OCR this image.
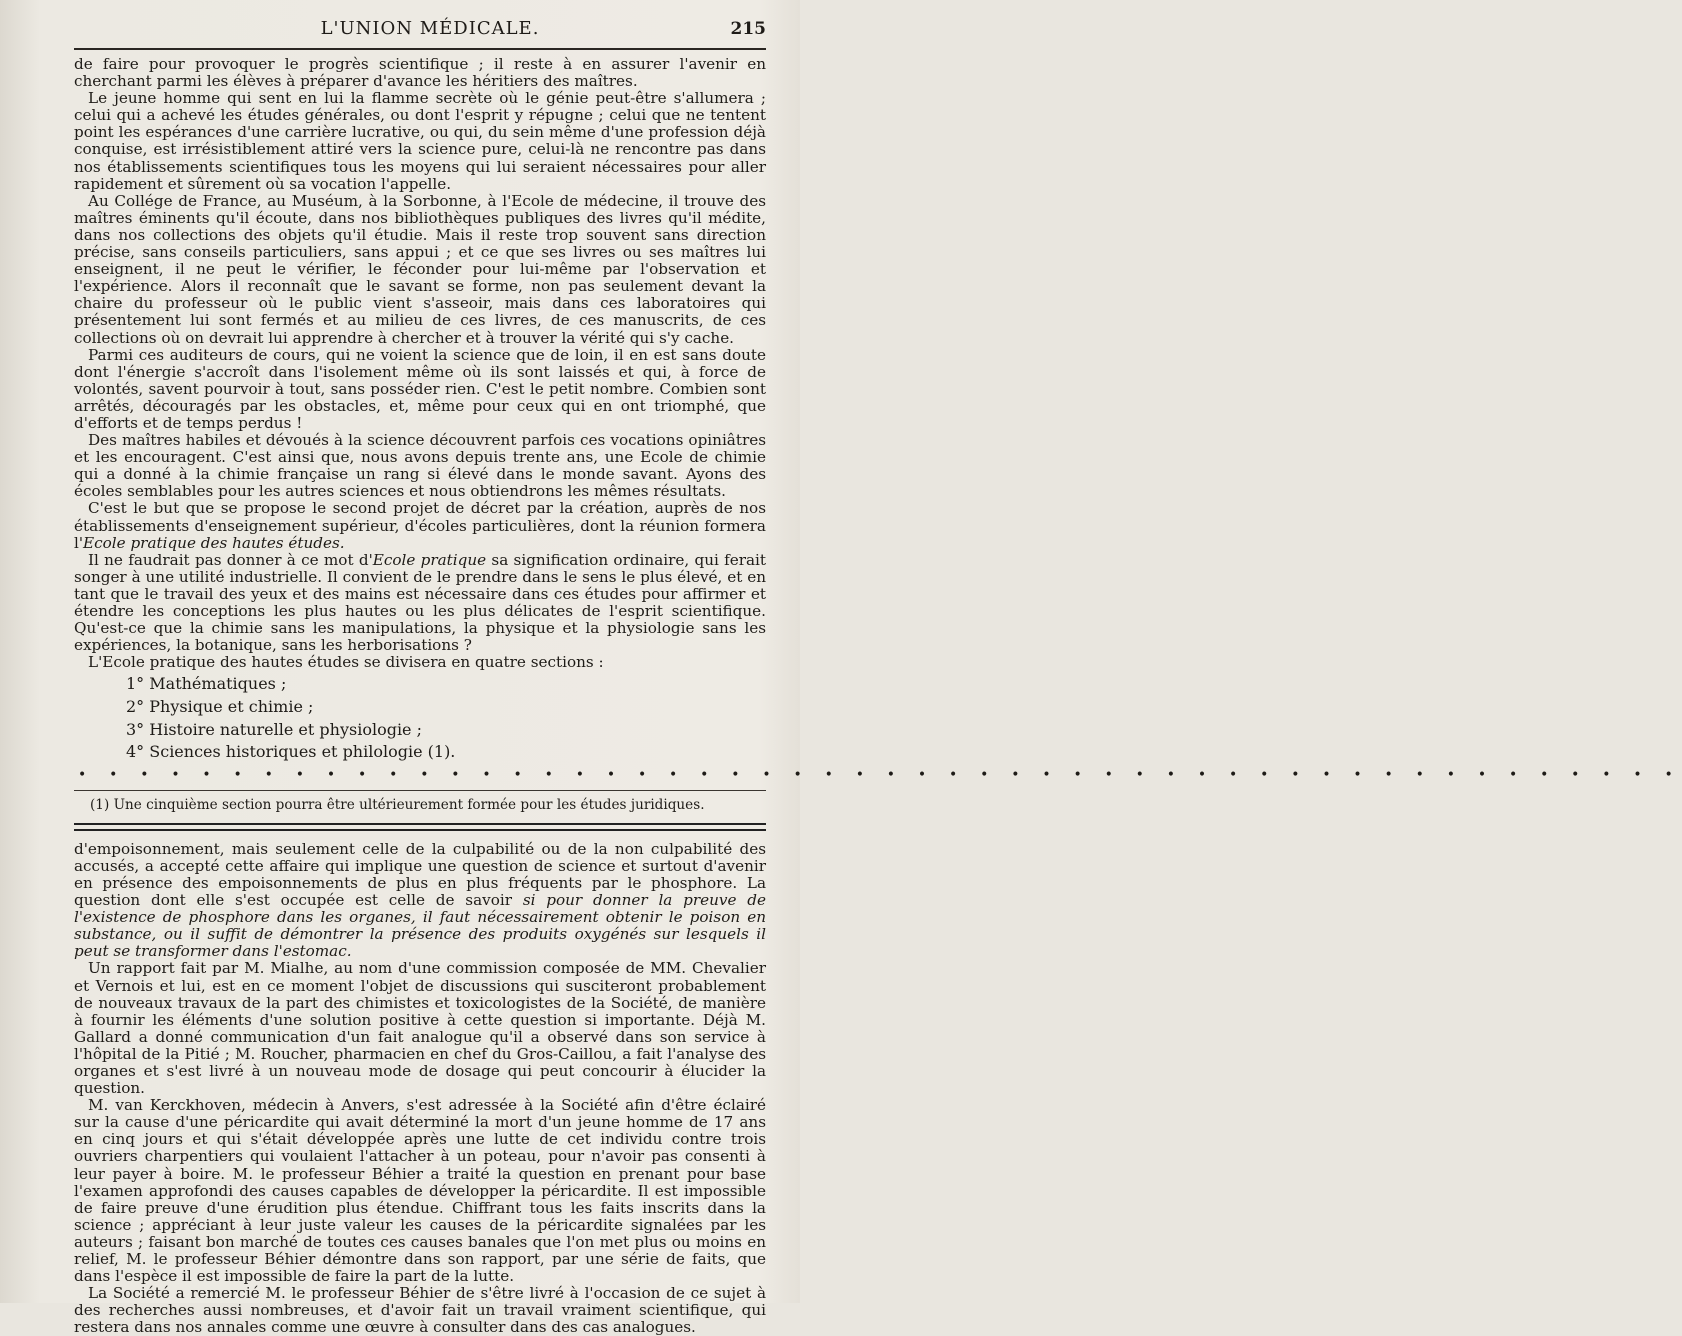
L'UNION MÉDICALE.	215

de faire pour provoquer le progrès scientifique ; il reste à en assurer l'avenir en cherchant parmi les élèves à préparer d'avance les héritiers des maîtres.

Le jeune homme qui sent en lui la flamme secrète où le génie peut-être s'allumera ; celui qui a achevé les études générales, ou dont l'esprit y répugne ; celui que ne tentent point les espérances d'une carrière lucrative, ou qui, du sein même d'une profession déjà conquise, est irrésistiblement attiré vers la science pure, celui-là ne rencontre pas dans nos établissements scientifiques tous les moyens qui lui seraient nécessaires pour aller rapidement et sûrement où sa vocation l'appelle.

Au Collége de France, au Muséum, à la Sorbonne, à l'Ecole de médecine, il trouve des maîtres éminents qu'il écoute, dans nos bibliothèques publiques des livres qu'il médite, dans nos collections des objets qu'il étudie. Mais il reste trop souvent sans direction précise, sans conseils particuliers, sans appui ; et ce que ses livres ou ses maîtres lui enseignent, il ne peut le vérifier, le féconder pour lui-même par l'observation et l'expérience. Alors il reconnaît que le savant se forme, non pas seulement devant la chaire du professeur où le public vient s'asseoir, mais dans ces laboratoires qui présentement lui sont fermés et au milieu de ces livres, de ces manuscrits, de ces collections où on devrait lui apprendre à chercher et à trouver la vérité qui s'y cache.

Parmi ces auditeurs de cours, qui ne voient la science que de loin, il en est sans doute dont l'énergie s'accroît dans l'isolement même où ils sont laissés et qui, à force de volontés, savent pourvoir à tout, sans posséder rien. C'est le petit nombre. Combien sont arrêtés, découragés par les obstacles, et, même pour ceux qui en ont triomphé, que d'efforts et de temps perdus !

Des maîtres habiles et dévoués à la science découvrent parfois ces vocations opiniâtres et les encouragent. C'est ainsi que, nous avons depuis trente ans, une Ecole de chimie qui a donné à la chimie française un rang si élevé dans le monde savant. Ayons des écoles semblables pour les autres sciences et nous obtiendrons les mêmes résultats.

C'est le but que se propose le second projet de décret par la création, auprès de nos établissements d'enseignement supérieur, d'écoles particulières, dont la réunion formera l'Ecole pratique des hautes études.

Il ne faudrait pas donner à ce mot d'Ecole pratique sa signification ordinaire, qui ferait songer à une utilité industrielle. Il convient de le prendre dans le sens le plus élevé, et en tant que le travail des yeux et des mains est nécessaire dans ces études pour affirmer et étendre les conceptions les plus hautes ou les plus délicates de l'esprit scientifique. Qu'est-ce que la chimie sans les manipulations, la physique et la physiologie sans les expériences, la botanique, sans les herborisations ?

L'Ecole pratique des hautes études se divisera en quatre sections :

1° Mathématiques ;
2° Physique et chimie ;
3° Histoire naturelle et physiologie ;
4° Sciences historiques et philologie (1).
• • • • • • • • • • • • • • • • • • • • • • • • • • • • • • • • • • • • • • • • • • • • • • • • • • • •
(1) Une cinquième section pourra être ultérieurement formée pour les études juridiques.

d'empoisonnement, mais seulement celle de la culpabilité ou de la non culpabilité des accusés, a accepté cette affaire qui implique une question de science et surtout d'avenir en présence des empoisonnements de plus en plus fréquents par le phosphore. La question dont elle s'est occupée est celle de savoir si pour donner la preuve de l'existence de phosphore dans les organes, il faut nécessairement obtenir le poison en substance, ou il suffit de démontrer la présence des produits oxygénés sur lesquels il peut se transformer dans l'estomac.

Un rapport fait par M. Mialhe, au nom d'une commission composée de MM. Chevalier et Vernois et lui, est en ce moment l'objet de discussions qui susciteront probablement de nouveaux travaux de la part des chimistes et toxicologistes de la Société, de manière à fournir les éléments d'une solution positive à cette question si importante. Déjà M. Gallard a donné communication d'un fait analogue qu'il a observé dans son service à l'hôpital de la Pitié ; M. Roucher, pharmacien en chef du Gros-Caillou, a fait l'analyse des organes et s'est livré à un nouveau mode de dosage qui peut concourir à élucider la question.

M. van Kerckhoven, médecin à Anvers, s'est adressée à la Société afin d'être éclairé sur la cause d'une péricardite qui avait déterminé la mort d'un jeune homme de 17 ans en cinq jours et qui s'était développée après une lutte de cet individu contre trois ouvriers charpentiers qui voulaient l'attacher à un poteau, pour n'avoir pas consenti à leur payer à boire. M. le professeur Béhier a traité la question en prenant pour base l'examen approfondi des causes capables de développer la péricardite. Il est impossible de faire preuve d'une érudition plus étendue. Chiffrant tous les faits inscrits dans la science ; appréciant à leur juste valeur les causes de la péricardite signalées par les auteurs ; faisant bon marché de toutes ces causes banales que l'on met plus ou moins en relief, M. le professeur Béhier démontre dans son rapport, par une série de faits, que dans l'espèce il est impossible de faire la part de la lutte.

La Société a remercié M. le professeur Béhier de s'être livré à l'occasion de ce sujet à des recherches aussi nombreuses, et d'avoir fait un travail vraiment scientifique, qui restera dans nos annales comme une œuvre à consulter dans des cas analogues.
